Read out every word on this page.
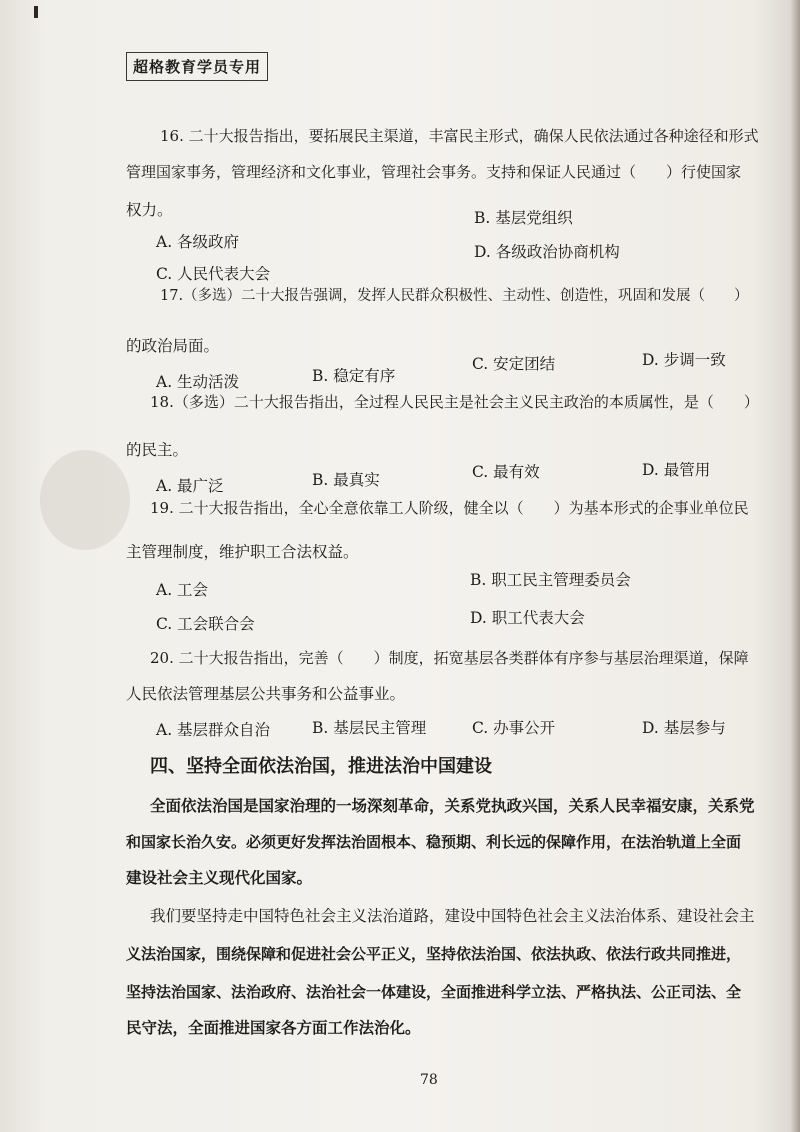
超格教育学员专用
16. 二十大报告指出，要拓展民主渠道，丰富民主形式，确保人民依法通过各种途径和形式
管理国家事务，管理经济和文化事业，管理社会事务。支持和保证人民通过（　　）行使国家
权力。
A. 各级政府
B. 基层党组织
C. 人民代表大会
D. 各级政治协商机构
17.（多选）二十大报告强调，发挥人民群众积极性、主动性、创造性，巩固和发展（　　）
的政治局面。
A. 生动活泼	B. 稳定有序
C. 安定团结	D. 步调一致
18.（多选）二十大报告指出，全过程人民民主是社会主义民主政治的本质属性，是（　　）
的民主。
A. 最广泛	B. 最真实	C. 最有效	D. 最管用
19. 二十大报告指出，全心全意依靠工人阶级，健全以（　　）为基本形式的企事业单位民
主管理制度，维护职工合法权益。
A. 工会
B. 职工民主管理委员会
C. 工会联合会	D. 职工代表大会
20. 二十大报告指出，完善（　　）制度，拓宽基层各类群体有序参与基层治理渠道，保障
人民依法管理基层公共事务和公益事业。
A. 基层群众自治	B. 基层民主管理	C. 办事公开	D. 基层参与
四、坚持全面依法治国，推进法治中国建设
全面依法治国是国家治理的一场深刻革命，关系党执政兴国，关系人民幸福安康，关系党
和国家长治久安。必须更好发挥法治固根本、稳预期、利长远的保障作用，在法治轨道上全面
建设社会主义现代化国家。
我们要坚持走中国特色社会主义法治道路，建设中国特色社会主义法治体系、建设社会主
义法治国家，围绕保障和促进社会公平正义，坚持依法治国、依法执政、依法行政共同推进，
坚持法治国家、法治政府、法治社会一体建设，全面推进科学立法、严格执法、公正司法、全
民守法，全面推进国家各方面工作法治化。
78
